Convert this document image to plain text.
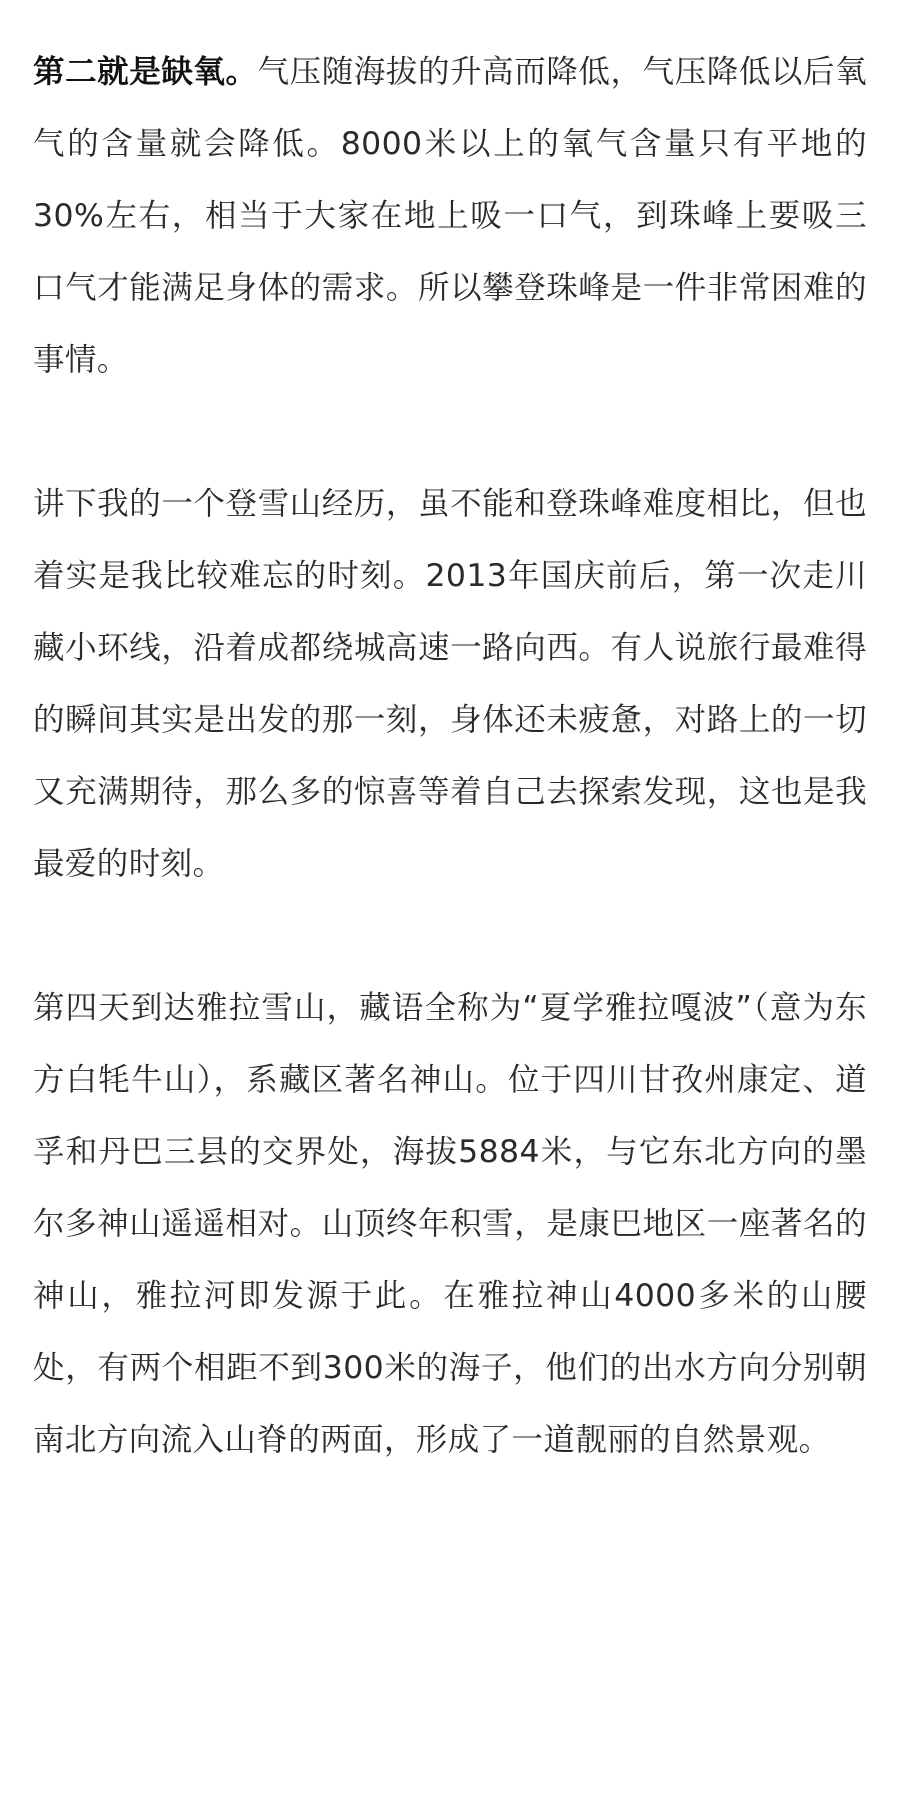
第二就是缺氧。气压随海拔的升高而降低，气压降低以后氧气的含量就会降低。8000米以上的氧气含量只有平地的30%左右，相当于大家在地上吸一口气，到珠峰上要吸三口气才能满足身体的需求。所以攀登珠峰是一件非常困难的事情。

讲下我的一个登雪山经历，虽不能和登珠峰难度相比，但也着实是我比较难忘的时刻。2013年国庆前后，第一次走川藏小环线，沿着成都绕城高速一路向西。有人说旅行最难得的瞬间其实是出发的那一刻，身体还未疲惫，对路上的一切又充满期待，那么多的惊喜等着自己去探索发现，这也是我最爱的时刻。

第四天到达雅拉雪山，藏语全称为“夏学雅拉嘎波”（意为东方白牦牛山），系藏区著名神山。位于四川甘孜州康定、道孚和丹巴三县的交界处，海拔5884米，与它东北方向的墨尔多神山遥遥相对。山顶终年积雪，是康巴地区一座著名的神山，雅拉河即发源于此。在雅拉神山4000多米的山腰处，有两个相距不到300米的海子，他们的出水方向分别朝南北方向流入山脊的两面，形成了一道靓丽的自然景观。
